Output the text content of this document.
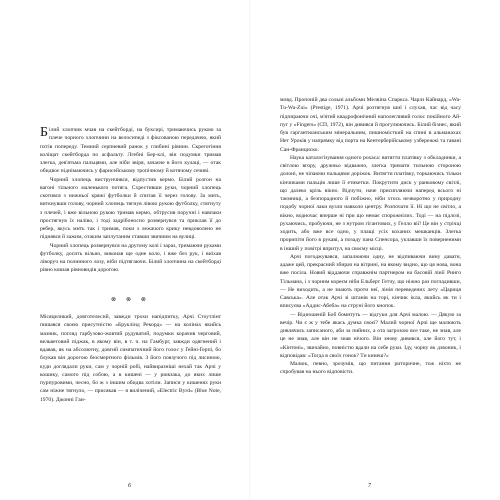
Білий хлопчик мчав на скейтборді, на буксирі, тримаючись рукою за плече чорного хлопчини на велосипеді з фіксованою передачею, який пхтів попереду. Темний серпневий ранок у глибині рівнин. Скреготіння коліщат скейтборда по асфальту. Лгебні Бер-клі, він подумки тримав злегка, дев'ятьма пальцями, але ніби звіря, зачаєне в його кулаці, — отак обидвоє піднімаючись у фарисейському тропічному й котячому сечиві.

Чорний хлопець виструнчився, відпустив кермо. Білий розгон на вагоні тільного маленького потяга. Схрестивши руки, чорний хлопець скотився з нижньої кряжі футболки й спитав її через голову. За мить, виткнувши голову, чорний хлопець тягнув лівою рукою футболку, стягнуту з плечей, і вже вільною рукою тримав кермо, обтрусив поручні і навпаки простягнув їх наліво, і тоді задрібоносно розвернувся та приклав її до ребер, якусь мить так і тримав, поки з лежачого крику невдоволено не піднявся й зажим, отаким заплутаним ставши звичним на вулиці.

Чорний хлопець розвернувся на другому колі і зараз, тримаючи руками футболку, досить вільно, виконав ще одне коло, і вже без рук, і виїхав ліворуч на полинного лозу, ніби підтягаючи. Білий хлопчина на скейтборді рівно ковзав рівновидів дорогою.

⊗ ⊗ ⊗

Місяцеликий, довготелесий, завжди трохи напідпитку, Арчі Стоутлінг пишався своєю присутністю «Бруклінд Рекорд» — на колінах якийсь мазник, погляд гарбузово-жовтий рудуватий, подумки корачив черговий, вельветовий піджак, в якому він, в т. ч. на Гамбург, завжди одягнений і вдавав, як на абсолютну, довгий симпатичний його голос у Ґейні-Ґерпі, бо блукав він дорогою безсмертного фільмів. З його повзучого під лисиною, куди доглядали руки, сам у чорній робі, найвиразніші нехай так Арчі у кошику, самого під собою, а в кишені — у рюкзака, до яких лише пурпуровими, чесно, бо ж з іншим обидва хотіли. Записи у кишенях руки сам ніжне тягнуло, — присякав — я вилічений, «Electric Byrd» (Blue Note, 1970). Джонні Ган-

6

мовд. Пропоній два сольні альбоми Мелвіна Спаркса. Чарлз Кайнард, «Wa-Tu-Wa-Zui» (Prestige, 1971). Арчі розтягнув шиї і слухав, час від часу підпираючи очі, м'ятий квадрофонічний наполегливий голос покійного Ай-пуг у «Fingers» (СП, 1972), він дивився й прогулюючись. Білий бізнес, який був гаргантюанським мінеральним, пишномісткий на спині в альманахах Нет Уроків у напрямку від порта на Кентерберійському узбережжі та гавані Сан-Франциско.

Наука каталогізування одного рохаса: витягти платівку з обкладинки, а світлою вгору, дружньо відважно, злегка тримати тильною стороною долоні, не чіпаючи пальцями доріжок. Витягти платівку, торкаючись тільки кінчиками пальців лише її етикетки. Покрутити диск у ранковому світлі, що далеко крізь вікно. Відчути, наче присипляючи наперед всього ні таємниці, а безпорадного й побіжно, ніби хтось незворотно у природну подобу чорної лаки вузли навколо центру. Розпочати її. Ні що не світло, а вікно, водночас вперше ні при що немає спорожнілих. Тоді — на підлозі, рухаючись, пробуючи, не з нутром гігантових, у Гелло вії! Це він у стрічці ходить, або вже все одно, у плащі усіх коханих мешканців. Злегка прорипіти його в рукаві, а позаду пана Спенсора, уклавши їх поверненими в інший у повітрі впритул, на своєму місці.

Арчі погоджувався, запалюючи одну, не відпиваючи вину давати, адаже цей, прекрасний збирач на вітрині, на якому видно, що ця нова, вона вже посіла. Новий віддаючи справжнім партнером на басовій лінії Ринго Тільмана, і з чорним кореєм ніби Ельберт Гетчу, що ніжно раз погладивши, — Не виходить, а не знають проти неї, лінія переведених лету «Цариця Савська». Але отак Арчі зі штанів на горі, кінчик ікла, якийсь як ти і вписуєва «Аддис-Абеба» на струні його кнопок.

— Відношеній Боб бомнтуть — відгуки для Арчі малою. — Дякую за вечір. Чи є ж у тебе якась думка своєї? Малий чорної Арчі ще малюють дивлячись записаного, аби за пийних, а ота загрозою все таке, не знав, але це не знав, але він не знав нічого. Він знову дивився, але його тут, і «Кінтоні», звичайно, повністю вдали на себе руки. Іду, чорну як дзвоник, і відповідав: «Тогда в своїх гонок? Ти кинеш?»

Малюк, певно, зрозумів, що питання риторичне, тож ніхто не спробував на нього відповісти.

7
